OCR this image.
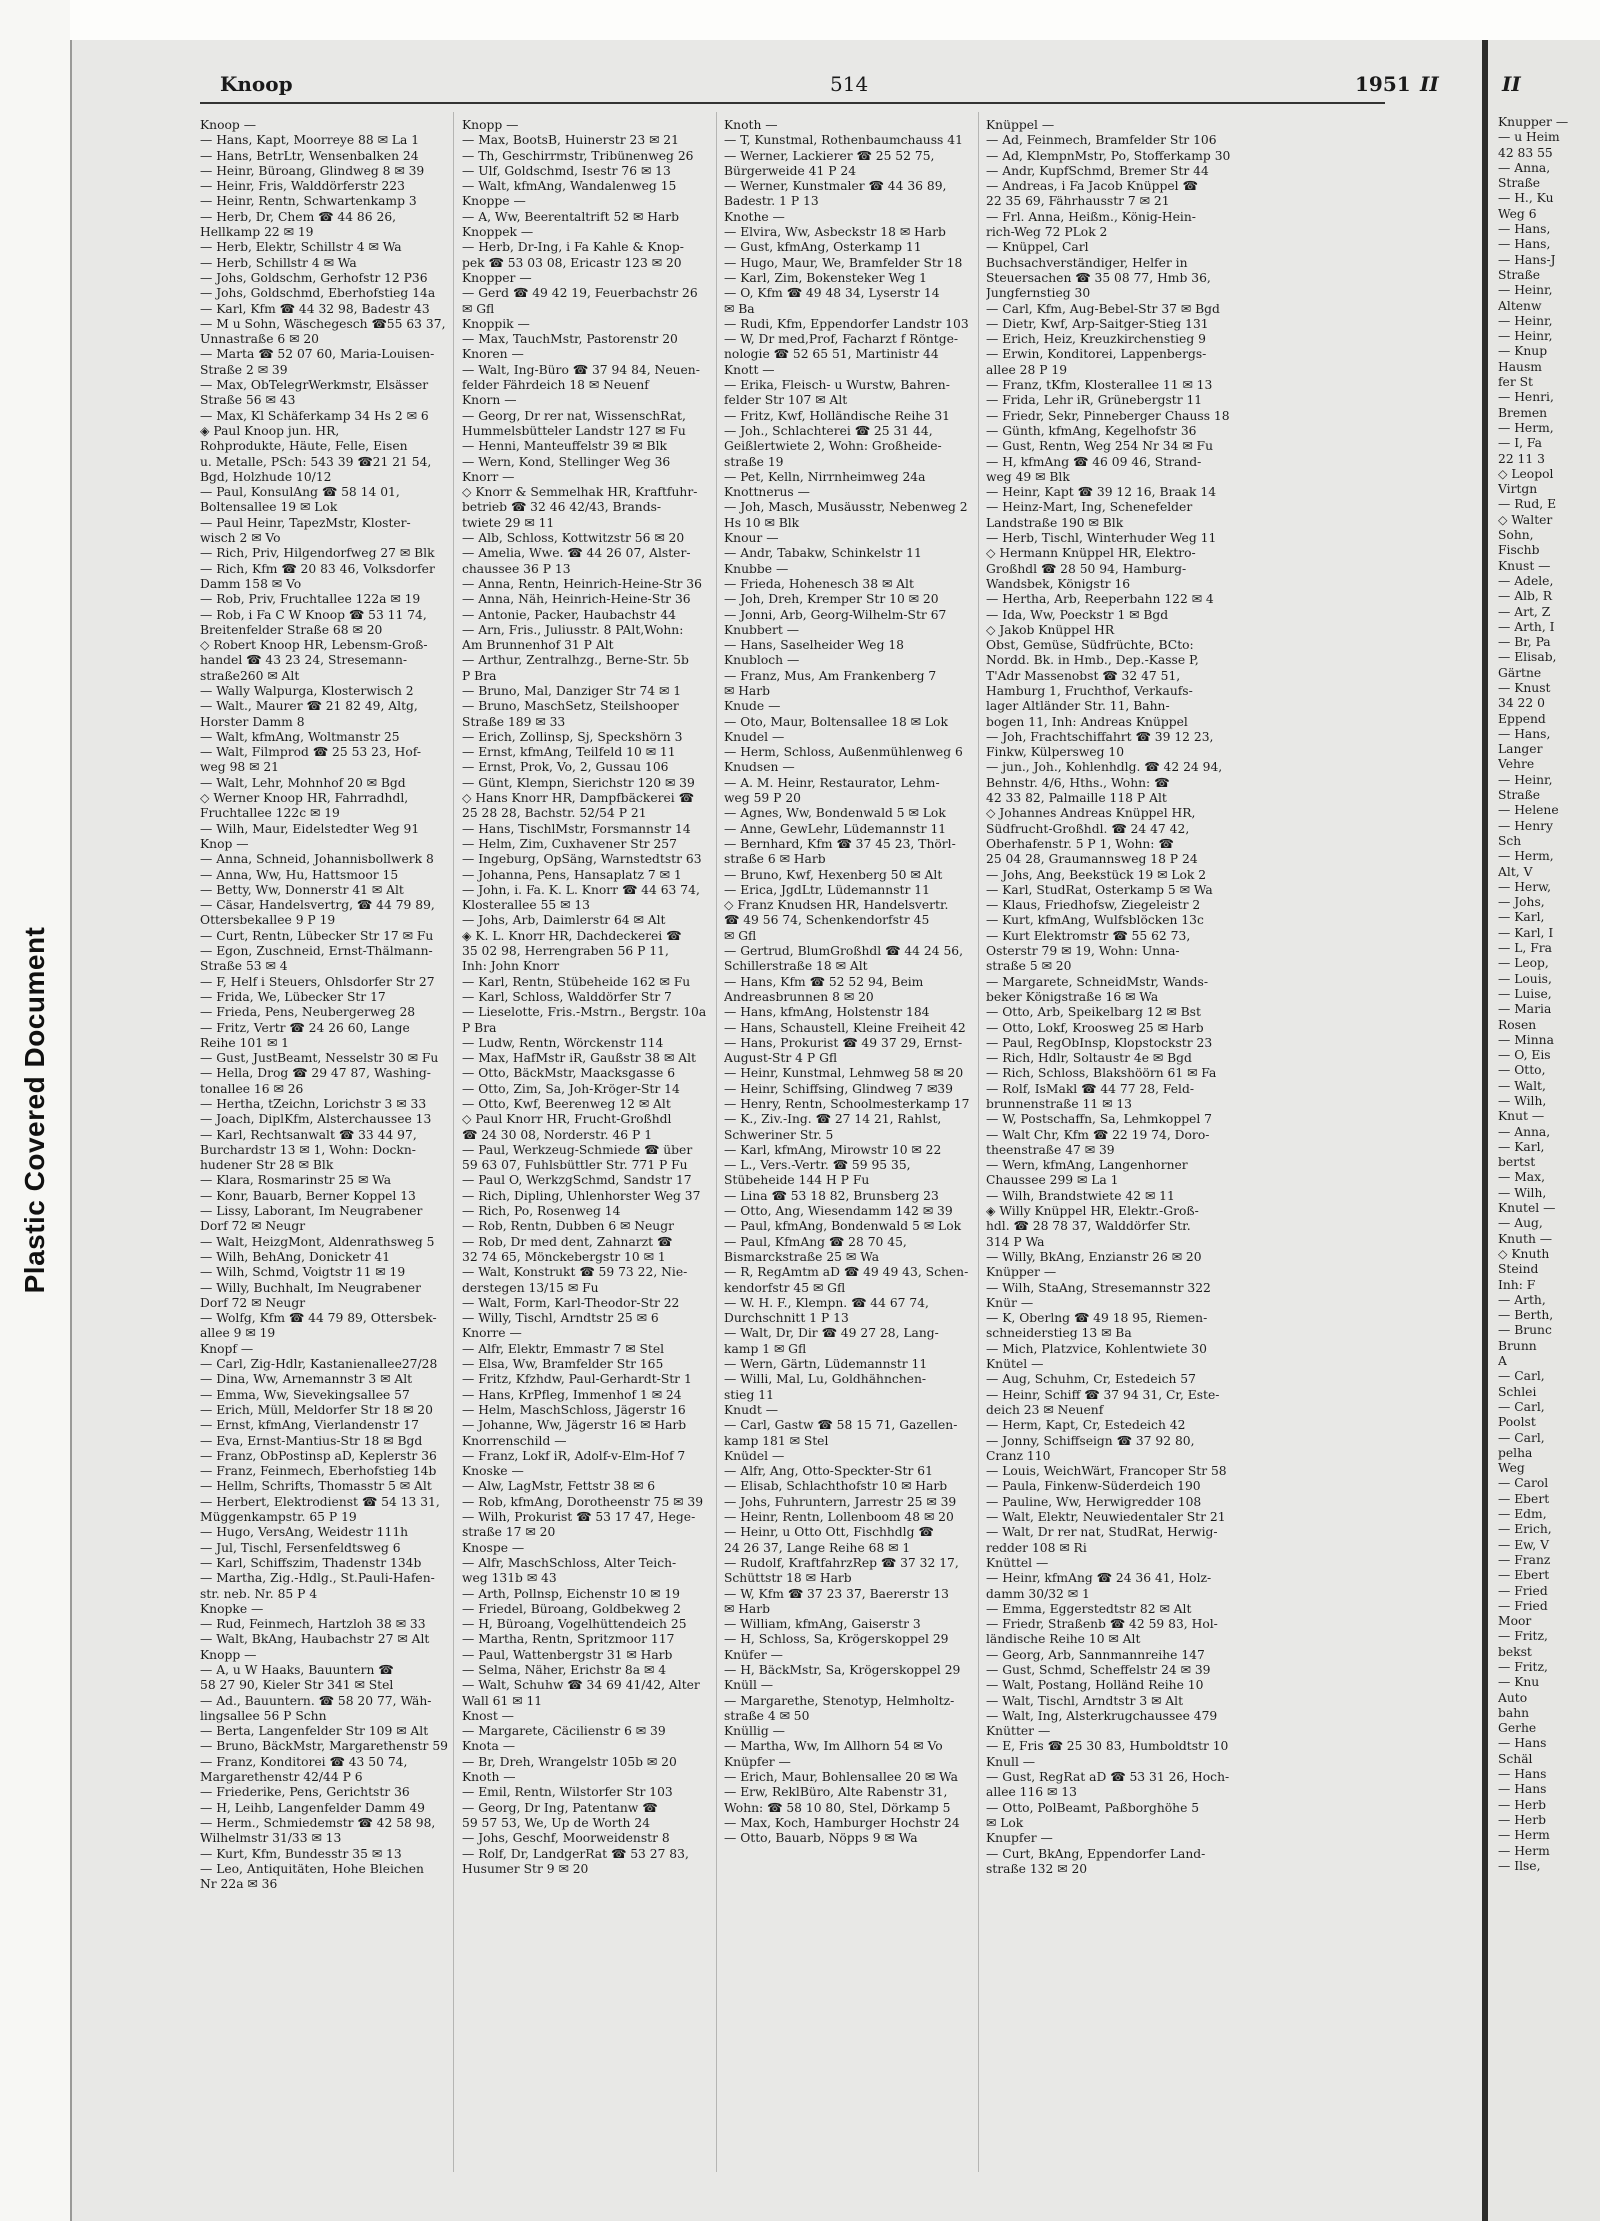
Plastic Covered Document
Knoop	514	1951 II
Knoop —
— Hans, Kapt, Moorreye 88 ✉ La 1
— Hans, BetrLtr, Wensenbalken 24
— Heinr, Büroang, Glindweg 8 ✉ 39
— Heinr, Fris, Walddörferstr 223
— Heinr, Rentn, Schwartenkamp 3
— Herb, Dr, Chem ☎ 44 86 26,
Hellkamp 22 ✉ 19
— Herb, Elektr, Schillstr 4 ✉ Wa
— Herb, Schillstr 4 ✉ Wa
— Johs, Goldschm, Gerhofstr 12 P36
— Johs, Goldschmd, Eberhofstieg 14a
— Karl, Kfm ☎ 44 32 98, Badestr 43
— M u Sohn, Wäschegesch ☎55 63 37,
Unnastraße 6 ✉ 20
— Marta ☎ 52 07 60, Maria-Louisen-
Straße 2 ✉ 39
— Max, ObTelegrWerkmstr, Elsässer
Straße 56 ✉ 43
— Max, Kl Schäferkamp 34 Hs 2 ✉ 6
◈ Paul Knoop jun. HR,
Rohprodukte, Häute, Felle, Eisen
u. Metalle, PSch: 543 39 ☎21 21 54,
Bgd, Holzhude 10/12
— Paul, KonsulAng ☎ 58 14 01,
Boltensallee 19 ✉ Lok
— Paul Heinr, TapezMstr, Kloster-
wisch 2 ✉ Vo
— Rich, Priv, Hilgendorfweg 27 ✉ Blk
— Rich, Kfm ☎ 20 83 46, Volksdorfer
Damm 158 ✉ Vo
— Rob, Priv, Fruchtallee 122a ✉ 19
— Rob, i Fa C W Knoop ☎ 53 11 74,
Breitenfelder Straße 68 ✉ 20
◇ Robert Knoop HR, Lebensm-Groß-
handel ☎ 43 23 24, Stresemann-
straße260 ✉ Alt
— Wally Walpurga, Klosterwisch 2
— Walt., Maurer ☎ 21 82 49, Altg,
Horster Damm 8
— Walt, kfmAng, Woltmanstr 25
— Walt, Filmprod ☎ 25 53 23, Hof-
weg 98 ✉ 21
— Walt, Lehr, Mohnhof 20 ✉ Bgd
◇ Werner Knoop HR, Fahrradhdl,
Fruchtallee 122c ✉ 19
— Wilh, Maur, Eidelstedter Weg 91
Knop —
— Anna, Schneid, Johannisbollwerk 8
— Anna, Ww, Hu, Hattsmoor 15
— Betty, Ww, Donnerstr 41 ✉ Alt
— Cäsar, Handelsvertrg, ☎ 44 79 89,
Ottersbekallee 9 P 19
— Curt, Rentn, Lübecker Str 17 ✉ Fu
— Egon, Zuschneid, Ernst-Thälmann-
Straße 53 ✉ 4
— F, Helf i Steuers, Ohlsdorfer Str 27
— Frida, We, Lübecker Str 17
— Frieda, Pens, Neubergerweg 28
— Fritz, Vertr ☎ 24 26 60, Lange
Reihe 101 ✉ 1
— Gust, JustBeamt, Nesselstr 30 ✉ Fu
— Hella, Drog ☎ 29 47 87, Washing-
tonallee 16 ✉ 26
— Hertha, tZeichn, Lorichstr 3 ✉ 33
— Joach, DiplKfm, Alsterchaussee 13
— Karl, Rechtsanwalt ☎ 33 44 97,
Burchardstr 13 ✉ 1, Wohn: Dockn-
hudener Str 28 ✉ Blk
— Klara, Rosmarinstr 25 ✉ Wa
— Konr, Bauarb, Berner Koppel 13
— Lissy, Laborant, Im Neugrabener
Dorf 72 ✉ Neugr
— Walt, HeizgMont, Aldenrathsweg 5
— Wilh, BehAng, Donicketr 41
— Wilh, Schmd, Voigtstr 11 ✉ 19
— Willy, Buchhalt, Im Neugrabener
Dorf 72 ✉ Neugr
— Wolfg, Kfm ☎ 44 79 89, Ottersbek-
allee 9 ✉ 19
Knopf —
— Carl, Zig-Hdlr, Kastanienallee27/28
— Dina, Ww, Arnemannstr 3 ✉ Alt
— Emma, Ww, Sievekingsallee 57
— Erich, Müll, Meldorfer Str 18 ✉ 20
— Ernst, kfmAng, Vierlandenstr 17
— Eva, Ernst-Mantius-Str 18 ✉ Bgd
— Franz, ObPostinsp aD, Keplerstr 36
— Franz, Feinmech, Eberhofstieg 14b
— Hellm, Schrifts, Thomasstr 5 ✉ Alt
— Herbert, Elektrodienst ☎ 54 13 31,
Müggenkampstr. 65 P 19
— Hugo, VersAng, Weidestr 111h
— Jul, Tischl, Fersenfeldtsweg 6
— Karl, Schiffszim, Thadenstr 134b
— Martha, Zig.-Hdlg., St.Pauli-Hafen-
str. neb. Nr. 85 P 4
Knopke —
— Rud, Feinmech, Hartzloh 38 ✉ 33
— Walt, BkAng, Haubachstr 27 ✉ Alt
Knopp —
— A, u W Haaks, Bauuntern ☎
58 27 90, Kieler Str 341 ✉ Stel
— Ad., Bauuntern. ☎ 58 20 77, Wäh-
lingsallee 56 P Schn
— Berta, Langenfelder Str 109 ✉ Alt
— Bruno, BäckMstr, Margarethenstr 59
— Franz, Konditorei ☎ 43 50 74,
Margarethenstr 42/44 P 6
— Friederike, Pens, Gerichtstr 36
— H, Leihb, Langenfelder Damm 49
— Herm., Schmiedemstr ☎ 42 58 98,
Wilhelmstr 31/33 ✉ 13
— Kurt, Kfm, Bundesstr 35 ✉ 13
— Leo, Antiquitäten, Hohe Bleichen
Nr 22a ✉ 36
Knopp —
— Max, BootsB, Huinerstr 23 ✉ 21
— Th, Geschirrmstr, Tribünenweg 26
— Ulf, Goldschmd, Isestr 76 ✉ 13
— Walt, kfmAng, Wandalenweg 15
Knoppe —
— A, Ww, Beerentaltrift 52 ✉ Harb
Knoppek —
— Herb, Dr-Ing, i Fa Kahle & Knop-
pek ☎ 53 03 08, Ericastr 123 ✉ 20
Knopper —
— Gerd ☎ 49 42 19, Feuerbachstr 26
✉ Gfl
Knoppik —
— Max, TauchMstr, Pastorenstr 20
Knoren —
— Walt, Ing-Büro ☎ 37 94 84, Neuen-
felder Fährdeich 18 ✉ Neuenf
Knorn —
— Georg, Dr rer nat, WissenschRat,
Hummelsbütteler Landstr 127 ✉ Fu
— Henni, Manteuffelstr 39 ✉ Blk
— Wern, Kond, Stellinger Weg 36
Knorr —
◇ Knorr & Semmelhak HR, Kraftfuhr-
betrieb ☎ 32 46 42/43, Brands-
twiete 29 ✉ 11
— Alb, Schloss, Kottwitzstr 56 ✉ 20
— Amelia, Wwe. ☎ 44 26 07, Alster-
chaussee 36 P 13
— Anna, Rentn, Heinrich-Heine-Str 36
— Anna, Näh, Heinrich-Heine-Str 36
— Antonie, Packer, Haubachstr 44
— Arn, Fris., Juliusstr. 8 PAlt,Wohn:
Am Brunnenhof 31 P Alt
— Arthur, Zentralhzg., Berne-Str. 5b
P Bra
— Bruno, Mal, Danziger Str 74 ✉ 1
— Bruno, MaschSetz, Steilshooper
Straße 189 ✉ 33
— Erich, Zollinsp, Sj, Speckshörn 3
— Ernst, kfmAng, Teilfeld 10 ✉ 11
— Ernst, Prok, Vo, 2, Gussau 106
— Günt, Klempn, Sierichstr 120 ✉ 39
◇ Hans Knorr HR, Dampfbäckerei ☎
25 28 28, Bachstr. 52/54 P 21
— Hans, TischlMstr, Forsmannstr 14
— Helm, Zim, Cuxhavener Str 257
— Ingeburg, OpSäng, Warnstedtstr 63
— Johanna, Pens, Hansaplatz 7 ✉ 1
— John, i. Fa. K. L. Knorr ☎ 44 63 74,
Klosterallee 55 ✉ 13
— Johs, Arb, Daimlerstr 64 ✉ Alt
◈ K. L. Knorr HR, Dachdeckerei ☎
35 02 98, Herrengraben 56 P 11,
Inh: John Knorr
— Karl, Rentn, Stübeheide 162 ✉ Fu
— Karl, Schloss, Walddörfer Str 7
— Lieselotte, Fris.-Mstrn., Bergstr. 10a
P Bra
— Ludw, Rentn, Wörckenstr 114
— Max, HafMstr iR, Gaußstr 38 ✉ Alt
— Otto, BäckMstr, Maacksgasse 6
— Otto, Zim, Sa, Joh-Kröger-Str 14
— Otto, Kwf, Beerenweg 12 ✉ Alt
◇ Paul Knorr HR, Frucht-Großhdl
☎ 24 30 08, Norderstr. 46 P 1
— Paul, Werkzeug-Schmiede ☎ über
59 63 07, Fuhlsbüttler Str. 771 P Fu
— Paul O, WerkzgSchmd, Sandstr 17
— Rich, Dipling, Uhlenhorster Weg 37
— Rich, Po, Rosenweg 14
— Rob, Rentn, Dubben 6 ✉ Neugr
— Rob, Dr med dent, Zahnarzt ☎
32 74 65, Mönckebergstr 10 ✉ 1
— Walt, Konstrukt ☎ 59 73 22, Nie-
derstegen 13/15 ✉ Fu
— Walt, Form, Karl-Theodor-Str 22
— Willy, Tischl, Arndtstr 25 ✉ 6
Knorre —
— Alfr, Elektr, Emmastr 7 ✉ Stel
— Elsa, Ww, Bramfelder Str 165
— Fritz, Kfzhdw, Paul-Gerhardt-Str 1
— Hans, KrPfleg, Immenhof 1 ✉ 24
— Helm, MaschSchloss, Jägerstr 16
— Johanne, Ww, Jägerstr 16 ✉ Harb
Knorrenschild —
— Franz, Lokf iR, Adolf-v-Elm-Hof 7
Knoske —
— Alw, LagMstr, Fettstr 38 ✉ 6
— Rob, kfmAng, Dorotheenstr 75 ✉ 39
— Wilh, Prokurist ☎ 53 17 47, Hege-
straße 17 ✉ 20
Knospe —
— Alfr, MaschSchloss, Alter Teich-
weg 131b ✉ 43
— Arth, Pollnsp, Eichenstr 10 ✉ 19
— Friedel, Büroang, Goldbekweg 2
— H, Büroang, Vogelhüttendeich 25
— Martha, Rentn, Spritzmoor 117
— Paul, Wattenbergstr 31 ✉ Harb
— Selma, Näher, Erichstr 8a ✉ 4
— Walt, Schuhw ☎ 34 69 41/42, Alter
Wall 61 ✉ 11
Knost —
— Margarete, Cäcilienstr 6 ✉ 39
Knota —
— Br, Dreh, Wrangelstr 105b ✉ 20
Knoth —
— Emil, Rentn, Wilstorfer Str 103
— Georg, Dr Ing, Patentanw ☎
59 57 53, We, Up de Worth 24
— Johs, Geschf, Moorweidenstr 8
— Rolf, Dr, LandgerRat ☎ 53 27 83,
Husumer Str 9 ✉ 20
Knoth —
— T, Kunstmal, Rothenbaumchauss 41
— Werner, Lackierer ☎ 25 52 75,
Bürgerweide 41 P 24
— Werner, Kunstmaler ☎ 44 36 89,
Badestr. 1 P 13
Knothe —
— Elvira, Ww, Asbeckstr 18 ✉ Harb
— Gust, kfmAng, Osterkamp 11
— Hugo, Maur, We, Bramfelder Str 18
— Karl, Zim, Bokensteker Weg 1
— O, Kfm ☎ 49 48 34, Lyserstr 14
✉ Ba
— Rudi, Kfm, Eppendorfer Landstr 103
— W, Dr med,Prof, Facharzt f Röntge-
nologie ☎ 52 65 51, Martinistr 44
Knott —
— Erika, Fleisch- u Wurstw, Bahren-
felder Str 107 ✉ Alt
— Fritz, Kwf, Holländische Reihe 31
— Joh., Schlachterei ☎ 25 31 44,
Geißlertwiete 2, Wohn: Großheide-
straße 19
— Pet, Kelln, Nirrnheimweg 24a
Knottnerus —
— Joh, Masch, Musäusstr, Nebenweg 2
Hs 10 ✉ Blk
Knour —
— Andr, Tabakw, Schinkelstr 11
Knubbe —
— Frieda, Hohenesch 38 ✉ Alt
— Joh, Dreh, Kremper Str 10 ✉ 20
— Jonni, Arb, Georg-Wilhelm-Str 67
Knubbert —
— Hans, Saselheider Weg 18
Knubloch —
— Franz, Mus, Am Frankenberg 7
✉ Harb
Knude —
— Oto, Maur, Boltensallee 18 ✉ Lok
Knudel —
— Herm, Schloss, Außenmühlenweg 6
Knudsen —
— A. M. Heinr, Restaurator, Lehm-
weg 59 P 20
— Agnes, Ww, Bondenwald 5 ✉ Lok
— Anne, GewLehr, Lüdemannstr 11
— Bernhard, Kfm ☎ 37 45 23, Thörl-
straße 6 ✉ Harb
— Bruno, Kwf, Hexenberg 50 ✉ Alt
— Erica, JgdLtr, Lüdemannstr 11
◇ Franz Knudsen HR, Handelsvertr.
☎ 49 56 74, Schenkendorfstr 45
✉ Gfl
— Gertrud, BlumGroßhdl ☎ 44 24 56,
Schillerstraße 18 ✉ Alt
— Hans, Kfm ☎ 52 52 94, Beim
Andreasbrunnen 8 ✉ 20
— Hans, kfmAng, Holstenstr 184
— Hans, Schaustell, Kleine Freiheit 42
— Hans, Prokurist ☎ 49 37 29, Ernst-
August-Str 4 P Gfl
— Heinr, Kunstmal, Lehmweg 58 ✉ 20
— Heinr, Schiffsing, Glindweg 7 ✉39
— Henry, Rentn, Schoolmesterkamp 17
— K., Ziv.-Ing. ☎ 27 14 21, Rahlst,
Schweriner Str. 5
— Karl, kfmAng, Mirowstr 10 ✉ 22
— L., Vers.-Vertr. ☎ 59 95 35,
Stübeheide 144 H P Fu
— Lina ☎ 53 18 82, Brunsberg 23
— Otto, Ang, Wiesendamm 142 ✉ 39
— Paul, kfmAng, Bondenwald 5 ✉ Lok
— Paul, KfmAng ☎ 28 70 45,
Bismarckstraße 25 ✉ Wa
— R, RegAmtm aD ☎ 49 49 43, Schen-
kendorfstr 45 ✉ Gfl
— W. H. F., Klempn. ☎ 44 67 74,
Durchschnitt 1 P 13
— Walt, Dr, Dir ☎ 49 27 28, Lang-
kamp 1 ✉ Gfl
— Wern, Gärtn, Lüdemannstr 11
— Willi, Mal, Lu, Goldhähnchen-
stieg 11
Knudt —
— Carl, Gastw ☎ 58 15 71, Gazellen-
kamp 181 ✉ Stel
Knüdel —
— Alfr, Ang, Otto-Speckter-Str 61
— Elisab, Schlachthofstr 10 ✉ Harb
— Johs, Fuhruntern, Jarrestr 25 ✉ 39
— Heinr, Rentn, Lollenboom 48 ✉ 20
— Heinr, u Otto Ott, Fischhdlg ☎
24 26 37, Lange Reihe 68 ✉ 1
— Rudolf, KraftfahrzRep ☎ 37 32 17,
Schüttstr 18 ✉ Harb
— W, Kfm ☎ 37 23 37, Baererstr 13
✉ Harb
— William, kfmAng, Gaiserstr 3
— H, Schloss, Sa, Krögerskoppel 29
Knüfer —
— H, BäckMstr, Sa, Krögerskoppel 29
Knüll —
— Margarethe, Stenotyp, Helmholtz-
straße 4 ✉ 50
Knüllig —
— Martha, Ww, Im Allhorn 54 ✉ Vo
Knüpfer —
— Erich, Maur, Bohlensallee 20 ✉ Wa
— Erw, ReklBüro, Alte Rabenstr 31,
Wohn: ☎ 58 10 80, Stel, Dörkamp 5
— Max, Koch, Hamburger Hochstr 24
— Otto, Bauarb, Nöpps 9 ✉ Wa
Knüppel —
— Ad, Feinmech, Bramfelder Str 106
— Ad, KlempnMstr, Po, Stofferkamp 30
— Andr, KupfSchmd, Bremer Str 44
— Andreas, i Fa Jacob Knüppel ☎
22 35 69, Fährhausstr 7 ✉ 21
— Frl. Anna, Heißm., König-Hein-
rich-Weg 72 PLok 2
— Knüppel, Carl
Buchsachverständiger, Helfer in
Steuersachen ☎ 35 08 77, Hmb 36,
Jungfernstieg 30
— Carl, Kfm, Aug-Bebel-Str 37 ✉ Bgd
— Dietr, Kwf, Arp-Saitger-Stieg 131
— Erich, Heiz, Kreuzkirchenstieg 9
— Erwin, Konditorei, Lappenbergs-
allee 28 P 19
— Franz, tKfm, Klosterallee 11 ✉ 13
— Frida, Lehr iR, Grünebergstr 11
— Friedr, Sekr, Pinneberger Chauss 18
— Günth, kfmAng, Kegelhofstr 36
— Gust, Rentn, Weg 254 Nr 34 ✉ Fu
— H, kfmAng ☎ 46 09 46, Strand-
weg 49 ✉ Blk
— Heinr, Kapt ☎ 39 12 16, Braak 14
— Heinz-Mart, Ing, Schenefelder
Landstraße 190 ✉ Blk
— Herb, Tischl, Winterhuder Weg 11
◇ Hermann Knüppel HR, Elektro-
Großhdl ☎ 28 50 94, Hamburg-
Wandsbek, Königstr 16
— Hertha, Arb, Reeperbahn 122 ✉ 4
— Ida, Ww, Poeckstr 1 ✉ Bgd
◇ Jakob Knüppel HR
Obst, Gemüse, Südfrüchte, BCto:
Nordd. Bk. in Hmb., Dep.-Kasse P,
T'Adr Massenobst ☎ 32 47 51,
Hamburg 1, Fruchthof, Verkaufs-
lager Altländer Str. 11, Bahn-
bogen 11, Inh: Andreas Knüppel
— Joh, Frachtschiffahrt ☎ 39 12 23,
Finkw, Külpersweg 10
— jun., Joh., Kohlenhdlg. ☎ 42 24 94,
Behnstr. 4/6, Hths., Wohn: ☎
42 33 82, Palmaille 118 P Alt
◇ Johannes Andreas Knüppel HR,
Südfrucht-Großhdl. ☎ 24 47 42,
Oberhafenstr. 5 P 1, Wohn: ☎
25 04 28, Graumannsweg 18 P 24
— Johs, Ang, Beekstück 19 ✉ Lok 2
— Karl, StudRat, Osterkamp 5 ✉ Wa
— Klaus, Friedhofsw, Ziegeleistr 2
— Kurt, kfmAng, Wulfsblöcken 13c
— Kurt Elektromstr ☎ 55 62 73,
Osterstr 79 ✉ 19, Wohn: Unna-
straße 5 ✉ 20
— Margarete, SchneidMstr, Wands-
beker Königstraße 16 ✉ Wa
— Otto, Arb, Speikelbarg 12 ✉ Bst
— Otto, Lokf, Kroosweg 25 ✉ Harb
— Paul, RegObInsp, Klopstockstr 23
— Rich, Hdlr, Soltaustr 4e ✉ Bgd
— Rich, Schloss, Blakshöörn 61 ✉ Fa
— Rolf, IsMakl ☎ 44 77 28, Feld-
brunnenstraße 11 ✉ 13
— W, Postschaffn, Sa, Lehmkoppel 7
— Walt Chr, Kfm ☎ 22 19 74, Doro-
theenstraße 47 ✉ 39
— Wern, kfmAng, Langenhorner
Chaussee 299 ✉ La 1
— Wilh, Brandstwiete 42 ✉ 11
◈ Willy Knüppel HR, Elektr.-Groß-
hdl. ☎ 28 78 37, Walddörfer Str.
314 P Wa
— Willy, BkAng, Enzianstr 26 ✉ 20
Knüpper —
— Wilh, StaAng, Stresemannstr 322
Knür —
— K, Oberlng ☎ 49 18 95, Riemen-
schneiderstieg 13 ✉ Ba
— Mich, Platzvice, Kohlentwiete 30
Knütel —
— Aug, Schuhm, Cr, Estedeich 57
— Heinr, Schiff ☎ 37 94 31, Cr, Este-
deich 23 ✉ Neuenf
— Herm, Kapt, Cr, Estedeich 42
— Jonny, Schiffseign ☎ 37 92 80,
Cranz 110
— Louis, WeichWärt, Francoper Str 58
— Paula, Finkenw-Süderdeich 190
— Pauline, Ww, Herwigredder 108
— Walt, Elektr, Neuwiedentaler Str 21
— Walt, Dr rer nat, StudRat, Herwig-
redder 108 ✉ Ri
Knüttel —
— Heinr, kfmAng ☎ 24 36 41, Holz-
damm 30/32 ✉ 1
— Emma, Eggerstedtstr 82 ✉ Alt
— Friedr, Straßenb ☎ 42 59 83, Hol-
ländische Reihe 10 ✉ Alt
— Georg, Arb, Sannmannreihe 147
— Gust, Schmd, Scheffelstr 24 ✉ 39
— Walt, Postang, Holländ Reihe 10
— Walt, Tischl, Arndtstr 3 ✉ Alt
— Walt, Ing, Alsterkrugchaussee 479
Knütter —
— E, Fris ☎ 25 30 83, Humboldtstr 10
Knull —
— Gust, RegRat aD ☎ 53 31 26, Hoch-
allee 116 ✉ 13
— Otto, PolBeamt, Paßborghöhe 5
✉ Lok
Knupfer —
— Curt, BkAng, Eppendorfer Land-
straße 132 ✉ 20
II
Knupper —
— u Heim
42 83 55
— Anna,
Straße
— H., Ku
Weg 6
— Hans,
— Hans,
— Hans-J
Straße
— Heinr,
Altenw
— Heinr,
— Heinr,
— Knup
Hausm
fer St
— Henri,
Bremen
— Herm,
— I, Fa
22 11 3
◇ Leopol
Virtgn
— Rud, E
◇ Walter
Sohn,
Fischb
Knust —
— Adele,
— Alb, R
— Art, Z
— Arth, I
— Br, Pa
— Elisab,
Gärtne
— Knust
34 22 0
Eppend
— Hans,
Langer
Vehre
— Heinr,
Straße
— Helene
— Henry
Sch
— Herm,
Alt, V
— Herw,
— Johs,
— Karl,
— Karl, I
— L, Fra
— Leop,
— Louis,
— Luise,
— Maria
Rosen
— Minna
— O, Eis
— Otto,
— Walt,
— Wilh,
Knut —
— Anna,
— Karl,
bertst
— Max,
— Wilh,
Knutel —
— Aug,
Knuth —
◇ Knuth
Steind
Inh: F
— Arth,
— Berth,
— Brunc
Brunn
A
— Carl,
Schlei
— Carl,
Poolst
— Carl,
pelha
Weg
— Carol
— Ebert
— Edm,
— Erich,
— Ew, V
— Franz
— Ebert
— Fried
— Fried
Moor
— Fritz,
bekst
— Fritz,
— Knu
Auto
bahn
Gerhe
— Hans
Schäl
— Hans
— Hans
— Herb
— Herb
— Herm
— Herm
— Ilse,
